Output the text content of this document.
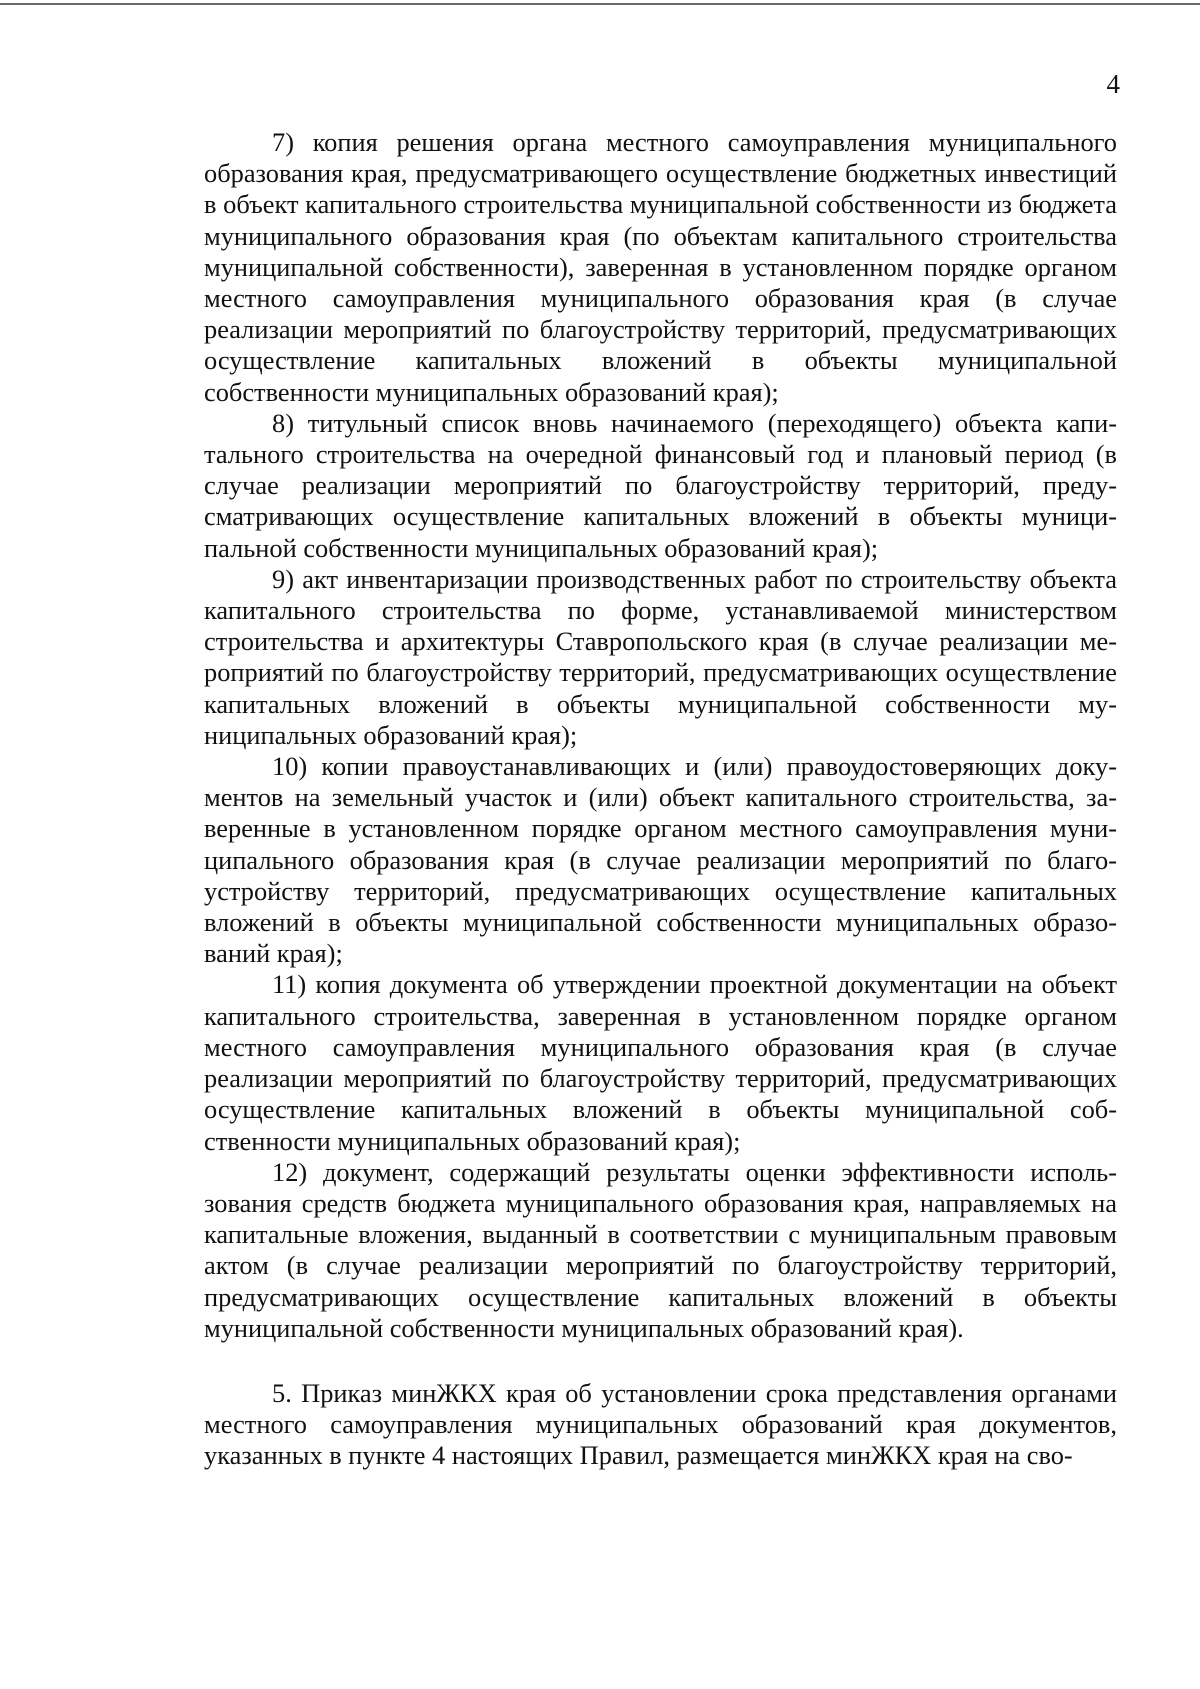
4

7) копия решения органа местного самоуправления муниципального образования края, предусматривающего осуществление бюджетных инвестиций в объект капитального строительства муниципальной собственности из бюджета муниципального образования края (по объектам капитального строительства муниципальной собственности), заверенная в установленном порядке органом местного самоуправления муниципального образования края (в случае реализации мероприятий по благоустройству территорий, предусматривающих осуществление капитальных вложений в объекты муниципальной собственности муниципальных образований края);

8) титульный список вновь начинаемого (переходящего) объекта капитального строительства на очередной финансовый год и плановый период (в случае реализации мероприятий по благоустройству территорий, предусматривающих осуществление капитальных вложений в объекты муниципальной собственности муниципальных образований края);

9) акт инвентаризации производственных работ по строительству объекта капитального строительства по форме, устанавливаемой министерством строительства и архитектуры Ставропольского края (в случае реализации мероприятий по благоустройству территорий, предусматривающих осуществление капитальных вложений в объекты муниципальной собственности муниципальных образований края);

10) копии правоустанавливающих и (или) правоудостоверяющих документов на земельный участок и (или) объект капитального строительства, заверенные в установленном порядке органом местного самоуправления муниципального образования края (в случае реализации мероприятий по благоустройству территорий, предусматривающих осуществление капитальных вложений в объекты муниципальной собственности муниципальных образований края);

11) копия документа об утверждении проектной документации на объект капитального строительства, заверенная в установленном порядке органом местного самоуправления муниципального образования края (в случае реализации мероприятий по благоустройству территорий, предусматривающих осуществление капитальных вложений в объекты муниципальной собственности муниципальных образований края);

12) документ, содержащий результаты оценки эффективности использования средств бюджета муниципального образования края, направляемых на капитальные вложения, выданный в соответствии с муниципальным правовым актом (в случае реализации мероприятий по благоустройству территорий, предусматривающих осуществление капитальных вложений в объекты муниципальной собственности муниципальных образований края).

5. Приказ минЖКХ края об установлении срока представления органами местного самоуправления муниципальных образований края документов, указанных в пункте 4 настоящих Правил, размещается минЖКХ края на сво-
